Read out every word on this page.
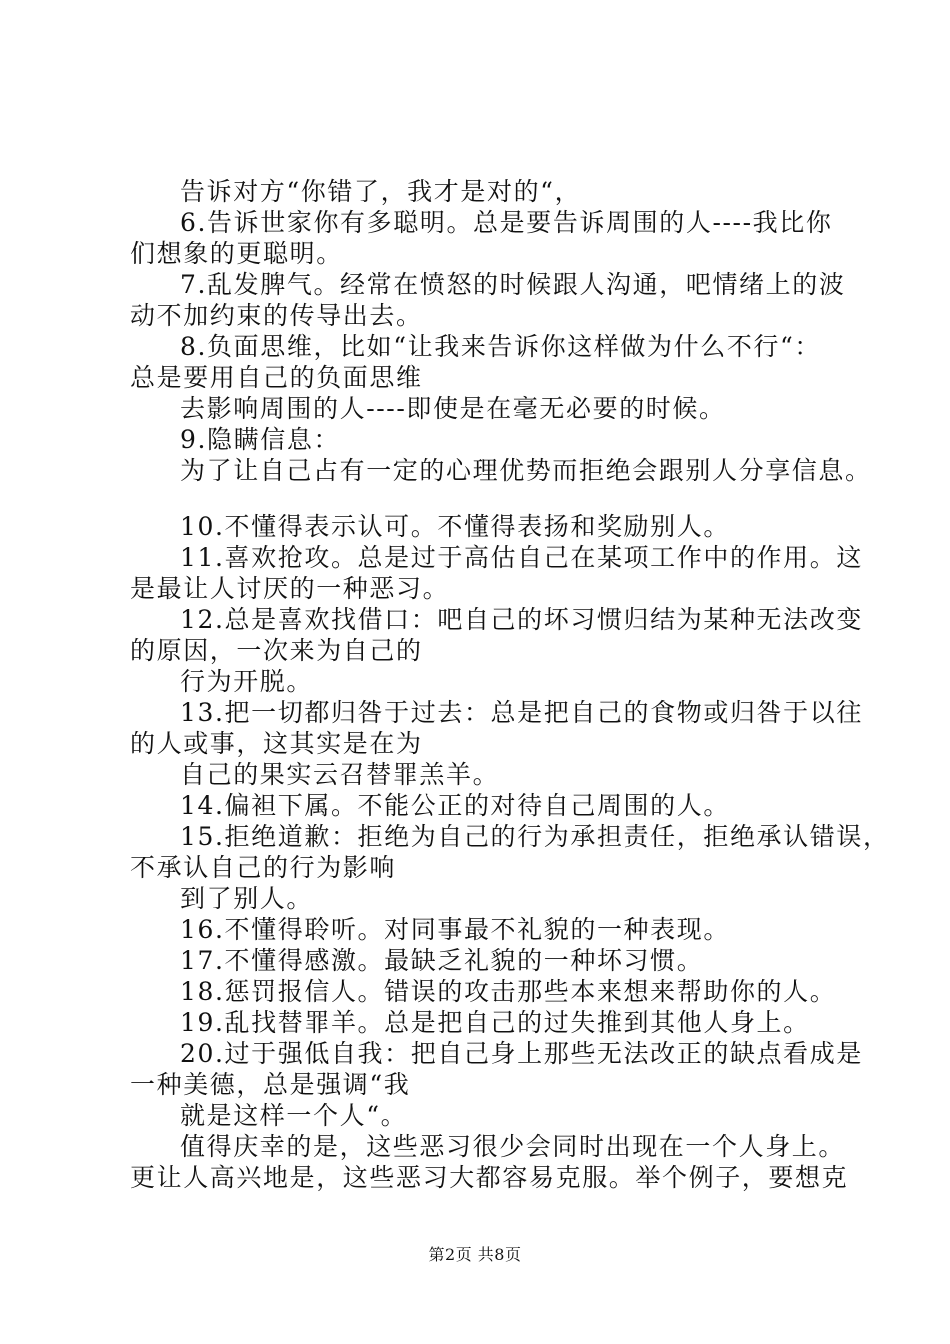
告诉对方“你错了，我才是对的“，
6.告诉世家你有多聪明。总是要告诉周围的人----我比你
们想象的更聪明。
7.乱发脾气。经常在愤怒的时候跟人沟通，吧情绪上的波
动不加约束的传导出去。
8.负面思维，比如“让我来告诉你这样做为什么不行“：
总是要用自己的负面思维
去影响周围的人----即使是在毫无必要的时候。
9.隐瞒信息：
为了让自己占有一定的心理优势而拒绝会跟别人分享信息。
10.不懂得表示认可。不懂得表扬和奖励别人。
11.喜欢抢攻。总是过于高估自己在某项工作中的作用。这
是最让人讨厌的一种恶习。
12.总是喜欢找借口：吧自己的坏习惯归结为某种无法改变
的原因，一次来为自己的
行为开脱。
13.把一切都归咎于过去：总是把自己的食物或归咎于以往
的人或事，这其实是在为
自己的果实云召替罪羔羊。
14.偏袒下属。不能公正的对待自己周围的人。
15.拒绝道歉：拒绝为自己的行为承担责任，拒绝承认错误，
不承认自己的行为影响
到了别人。
16.不懂得聆听。对同事最不礼貌的一种表现。
17.不懂得感激。最缺乏礼貌的一种坏习惯。
18.惩罚报信人。错误的攻击那些本来想来帮助你的人。
19.乱找替罪羊。总是把自己的过失推到其他人身上。
20.过于强低自我：把自己身上那些无法改正的缺点看成是
一种美德，总是强调“我
就是这样一个人“。
值得庆幸的是，这些恶习很少会同时出现在一个人身上。
更让人高兴地是，这些恶习大都容易克服。举个例子，要想克
第2页 共8页
